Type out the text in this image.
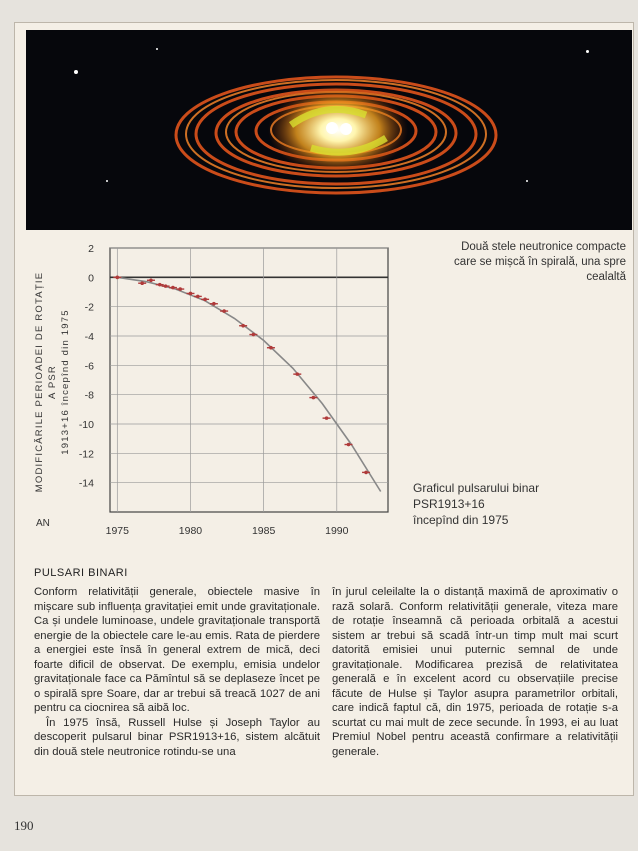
Două stele neutronice compacte care se mișcă în spirală, una spre cealaltă
MODIFICĂRILE PERIOADEI DE ROTAȚIE A PSR 1913+16 începînd din 1975
2
0
-2
-4
-6
-8
-10
-12
-14
1975	1980	1985	1990
AN
Graficul pulsarului binar
PSR1913+16
începînd din 1975
PULSARI BINARI

Conform relativității generale, obiectele masive în mișcare sub influența gravitației emit unde gravitaționale. Ca și undele luminoase, undele gravitaționale transportă energie de la obiectele care le-au emis. Rata de pierdere a energiei este însă în general extrem de mică, deci foarte dificil de observat. De exemplu, emisia undelor gravitaționale face ca Pămîntul să se deplaseze încet pe o spirală spre Soare, dar ar trebui să treacă 1027 de ani pentru ca ciocnirea să aibă loc.

În 1975 însă, Russell Hulse și Joseph Taylor au descoperit pulsarul binar PSR1913+16, sistem alcătuit din două stele neutronice rotindu-se una

în jurul celeilalte la o distanță maximă de aproximativ o rază solară. Conform relativității generale, viteza mare de rotație înseamnă că perioada orbitală a acestui sistem ar trebui să scadă într-un timp mult mai scurt datorită emisiei unui puternic semnal de unde gravitaționale. Modificarea prezisă de relativitatea generală e în excelent acord cu observațiile precise făcute de Hulse și Taylor asupra parametrilor orbitali, care indică faptul că, din 1975, perioada de rotație s-a scurtat cu mai mult de zece secunde. În 1993, ei au luat Premiul Nobel pentru această confirmare a relativității generale.

190
